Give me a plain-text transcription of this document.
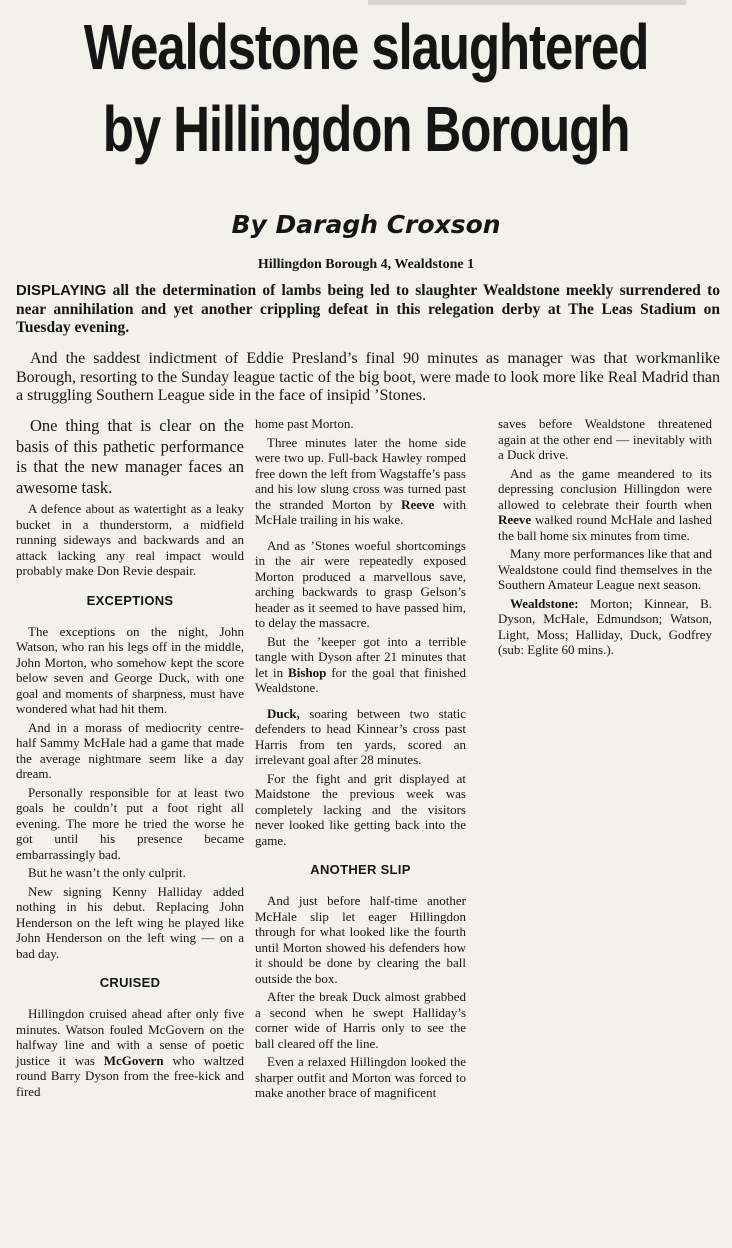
Wealdstone slaughtered
by Hillingdon Borough
By Daragh Croxson
Hillingdon Borough 4, Wealdstone 1
DISPLAYING all the determination of lambs being led to slaughter Wealdstone meekly surrendered to near annihilation and yet another crippling defeat in this relegation derby at The Leas Stadium on Tuesday evening.
And the saddest indictment of Eddie Presland’s final 90 minutes as manager was that workmanlike Borough, resorting to the Sunday league tactic of the big boot, were made to look more like Real Madrid than a struggling Southern League side in the face of insipid ’Stones.
One thing that is clear on the basis of this pathetic performance is that the new manager faces an awesome task.

A defence about as watertight as a leaky bucket in a thunderstorm, a midfield running sideways and backwards and an attack lacking any real impact would probably make Don Revie despair.

EXCEPTIONS

The exceptions on the night, John Watson, who ran his legs off in the middle, John Morton, who somehow kept the score below seven and George Duck, with one goal and moments of sharpness, must have wondered what had hit them.

And in a morass of mediocrity centre-half Sammy McHale had a game that made the average nightmare seem like a day dream.

Personally responsible for at least two goals he couldn’t put a foot right all evening. The more he tried the worse he got until his presence became embarrassingly bad.

But he wasn’t the only culprit.

New signing Kenny Halliday added nothing in his debut. Replacing John Henderson on the left wing he played like John Henderson on the left wing — on a bad day.

CRUISED

Hillingdon cruised ahead after only five minutes. Watson fouled McGovern on the halfway line and with a sense of poetic justice it was McGovern who waltzed round Barry Dyson from the free-kick and fired

home past Morton.

Three minutes later the home side were two up. Full-back Hawley romped free down the left from Wagstaffe’s pass and his low slung cross was turned past the stranded Morton by Reeve with McHale trailing in his wake.

And as ’Stones woeful shortcomings in the air were repeatedly exposed Morton produced a marvellous save, arching backwards to grasp Gelson’s header as it seemed to have passed him, to delay the massacre.

But the ’keeper got into a terrible tangle with Dyson after 21 minutes that let in Bishop for the goal that finished Wealdstone.

Duck, soaring between two static defenders to head Kinnear’s cross past Harris from ten yards, scored an irrelevant goal after 28 minutes.

For the fight and grit displayed at Maidstone the previous week was completely lacking and the visitors never looked like getting back into the game.

ANOTHER SLIP

And just before half-time another McHale slip let eager Hillingdon through for what looked like the fourth until Morton showed his defenders how it should be done by clearing the ball outside the box.

After the break Duck almost grabbed a second when he swept Halliday’s corner wide of Harris only to see the ball cleared off the line.

Even a relaxed Hillingdon looked the sharper outfit and Morton was forced to make another brace of magnificent

saves before Wealdstone threatened again at the other end — inevitably with a Duck drive.

And as the game meandered to its depressing conclusion Hillingdon were allowed to celebrate their fourth when Reeve walked round McHale and lashed the ball home six minutes from time.

Many more performances like that and Wealdstone could find themselves in the Southern Amateur League next season.

Wealdstone: Morton; Kinnear, B. Dyson, McHale, Edmundson; Watson, Light, Moss; Halliday, Duck, Godfrey (sub: Eglite 60 mins.).
